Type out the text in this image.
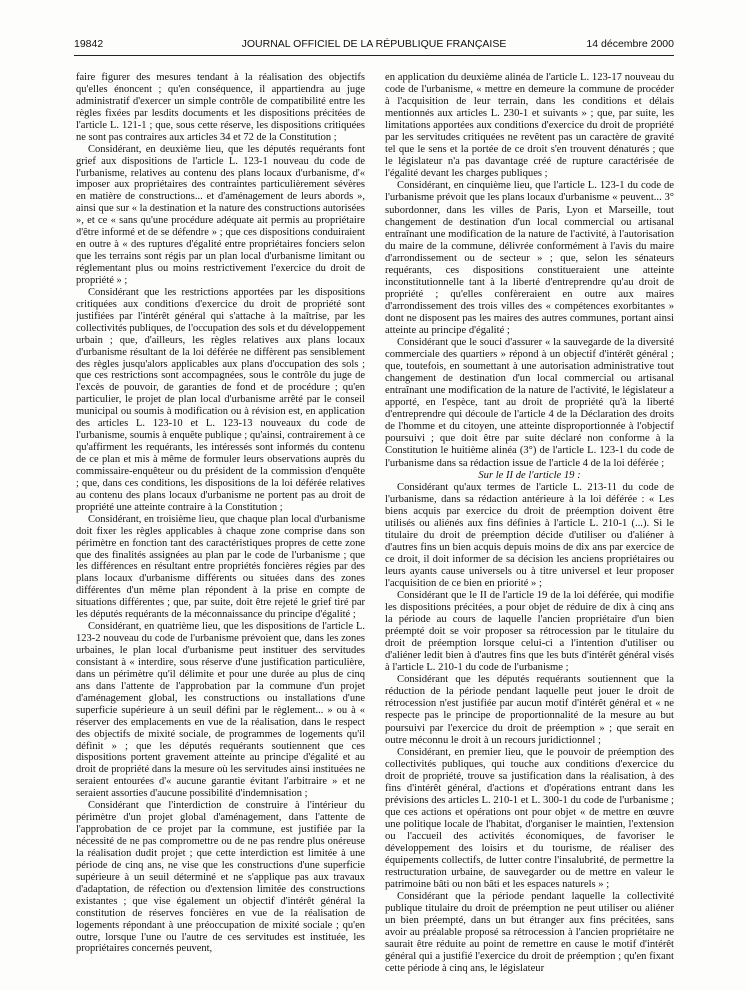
19842	JOURNAL OFFICIEL DE LA RÉPUBLIQUE FRANÇAISE	14 décembre 2000

faire figurer des mesures tendant à la réalisation des objectifs qu'elles énoncent ; qu'en conséquence, il appartiendra au juge administratif d'exercer un simple contrôle de compatibilité entre les règles fixées par lesdits documents et les dispositions précitées de l'article L. 121-1 ; que, sous cette réserve, les dispositions critiquées ne sont pas contraires aux articles 34 et 72 de la Constitution ;

Considérant, en deuxième lieu, que les députés requérants font grief aux dispositions de l'article L. 123-1 nouveau du code de l'urbanisme, relatives au contenu des plans locaux d'urbanisme, d'« imposer aux propriétaires des contraintes particulièrement sévères en matière de constructions... et d'aménagement de leurs abords », ainsi que sur « la destination et la nature des constructions autorisées », et ce « sans qu'une procédure adéquate ait permis au propriétaire d'être informé et de se défendre » ; que ces dispositions conduiraient en outre à « des ruptures d'égalité entre propriétaires fonciers selon que les terrains sont régis par un plan local d'urbanisme limitant ou réglementant plus ou moins restrictivement l'exercice du droit de propriété » ;

Considérant que les restrictions apportées par les dispositions critiquées aux conditions d'exercice du droit de propriété sont justifiées par l'intérêt général qui s'attache à la maîtrise, par les collectivités publiques, de l'occupation des sols et du développement urbain ; que, d'ailleurs, les règles relatives aux plans locaux d'urbanisme résultant de la loi déférée ne diffèrent pas sensiblement des règles jusqu'alors applicables aux plans d'occupation des sols ; que ces restrictions sont accompagnées, sous le contrôle du juge de l'excès de pouvoir, de garanties de fond et de procédure ; qu'en particulier, le projet de plan local d'urbanisme arrêté par le conseil municipal ou soumis à modification ou à révision est, en application des articles L. 123-10 et L. 123-13 nouveaux du code de l'urbanisme, soumis à enquête publique ; qu'ainsi, contrairement à ce qu'affirment les requérants, les intéressés sont informés du contenu de ce plan et mis à même de formuler leurs observations auprès du commissaire-enquêteur ou du président de la commission d'enquête ; que, dans ces conditions, les dispositions de la loi déférée relatives au contenu des plans locaux d'urbanisme ne portent pas au droit de propriété une atteinte contraire à la Constitution ;

Considérant, en troisième lieu, que chaque plan local d'urbanisme doit fixer les règles applicables à chaque zone comprise dans son périmètre en fonction tant des caractéristiques propres de cette zone que des finalités assignées au plan par le code de l'urbanisme ; que les différences en résultant entre propriétés foncières régies par des plans locaux d'urbanisme différents ou situées dans des zones différentes d'un même plan répondent à la prise en compte de situations différentes ; que, par suite, doit être rejeté le grief tiré par les députés requérants de la méconnaissance du principe d'égalité ;

Considérant, en quatrième lieu, que les dispositions de l'article L. 123-2 nouveau du code de l'urbanisme prévoient que, dans les zones urbaines, le plan local d'urbanisme peut instituer des servitudes consistant à « interdire, sous réserve d'une justification particulière, dans un périmètre qu'il délimite et pour une durée au plus de cinq ans dans l'attente de l'approbation par la commune d'un projet d'aménagement global, les constructions ou installations d'une superficie supérieure à un seuil défini par le règlement... » ou à « réserver des emplacements en vue de la réalisation, dans le respect des objectifs de mixité sociale, de programmes de logements qu'il définit » ; que les députés requérants soutiennent que ces dispositions portent gravement atteinte au principe d'égalité et au droit de propriété dans la mesure où les servitudes ainsi instituées ne seraient entourées d'« aucune garantie évitant l'arbitraire » et ne seraient assorties d'aucune possibilité d'indemnisation ;

Considérant que l'interdiction de construire à l'intérieur du périmètre d'un projet global d'aménagement, dans l'attente de l'approbation de ce projet par la commune, est justifiée par la nécessité de ne pas compromettre ou de ne pas rendre plus onéreuse la réalisation dudit projet ; que cette interdiction est limitée à une période de cinq ans, ne vise que les constructions d'une superficie supérieure à un seuil déterminé et ne s'applique pas aux travaux d'adaptation, de réfection ou d'extension limitée des constructions existantes ; que vise également un objectif d'intérêt général la constitution de réserves foncières en vue de la réalisation de logements répondant à une préoccupation de mixité sociale ; qu'en outre, lorsque l'une ou l'autre de ces servitudes est instituée, les propriétaires concernés peuvent,

en application du deuxième alinéa de l'article L. 123-17 nouveau du code de l'urbanisme, « mettre en demeure la commune de procéder à l'acquisition de leur terrain, dans les conditions et délais mentionnés aux articles L. 230-1 et suivants » ; que, par suite, les limitations apportées aux conditions d'exercice du droit de propriété par les servitudes critiquées ne revêtent pas un caractère de gravité tel que le sens et la portée de ce droit s'en trouvent dénaturés ; que le législateur n'a pas davantage créé de rupture caractérisée de l'égalité devant les charges publiques ;

Considérant, en cinquième lieu, que l'article L. 123-1 du code de l'urbanisme prévoit que les plans locaux d'urbanisme « peuvent... 3° subordonner, dans les villes de Paris, Lyon et Marseille, tout changement de destination d'un local commercial ou artisanal entraînant une modification de la nature de l'activité, à l'autorisation du maire de la commune, délivrée conformément à l'avis du maire d'arrondissement ou de secteur » ; que, selon les sénateurs requérants, ces dispositions constitueraient une atteinte inconstitutionnelle tant à la liberté d'entreprendre qu'au droit de propriété ; qu'elles confèreraient en outre aux maires d'arrondissement des trois villes des « compétences exorbitantes » dont ne disposent pas les maires des autres communes, portant ainsi atteinte au principe d'égalité ;

Considérant que le souci d'assurer « la sauvegarde de la diversité commerciale des quartiers » répond à un objectif d'intérêt général ; que, toutefois, en soumettant à une autorisation administrative tout changement de destination d'un local commercial ou artisanal entraînant une modification de la nature de l'activité, le législateur a apporté, en l'espèce, tant au droit de propriété qu'à la liberté d'entreprendre qui découle de l'article 4 de la Déclaration des droits de l'homme et du citoyen, une atteinte disproportionnée à l'objectif poursuivi ; que doit être par suite déclaré non conforme à la Constitution le huitième alinéa (3°) de l'article L. 123-1 du code de l'urbanisme dans sa rédaction issue de l'article 4 de la loi déférée ;

Sur le II de l'article 19 :

Considérant qu'aux termes de l'article L. 213-11 du code de l'urbanisme, dans sa rédaction antérieure à la loi déférée : « Les biens acquis par exercice du droit de préemption doivent être utilisés ou aliénés aux fins définies à l'article L. 210-1 (...). Si le titulaire du droit de préemption décide d'utiliser ou d'aliéner à d'autres fins un bien acquis depuis moins de dix ans par exercice de ce droit, il doit informer de sa décision les anciens propriétaires ou leurs ayants cause universels ou à titre universel et leur proposer l'acquisition de ce bien en priorité » ;

Considérant que le II de l'article 19 de la loi déférée, qui modifie les dispositions précitées, a pour objet de réduire de dix à cinq ans la période au cours de laquelle l'ancien propriétaire d'un bien préempté doit se voir proposer sa rétrocession par le titulaire du droit de préemption lorsque celui-ci a l'intention d'utiliser ou d'aliéner ledit bien à d'autres fins que les buts d'intérêt général visés à l'article L. 210-1 du code de l'urbanisme ;

Considérant que les députés requérants soutiennent que la réduction de la période pendant laquelle peut jouer le droit de rétrocession n'est justifiée par aucun motif d'intérêt général et « ne respecte pas le principe de proportionnalité de la mesure au but poursuivi par l'exercice du droit de préemption » ; que serait en outre méconnu le droit à un recours juridictionnel ;

Considérant, en premier lieu, que le pouvoir de préemption des collectivités publiques, qui touche aux conditions d'exercice du droit de propriété, trouve sa justification dans la réalisation, à des fins d'intérêt général, d'actions et d'opérations entrant dans les prévisions des articles L. 210-1 et L. 300-1 du code de l'urbanisme ; que ces actions et opérations ont pour objet « de mettre en œuvre une politique locale de l'habitat, d'organiser le maintien, l'extension ou l'accueil des activités économiques, de favoriser le développement des loisirs et du tourisme, de réaliser des équipements collectifs, de lutter contre l'insalubrité, de permettre la restructuration urbaine, de sauvegarder ou de mettre en valeur le patrimoine bâti ou non bâti et les espaces naturels » ;

Considérant que la période pendant laquelle la collectivité publique titulaire du droit de préemption ne peut utiliser ou aliéner un bien préempté, dans un but étranger aux fins précitées, sans avoir au préalable proposé sa rétrocession à l'ancien propriétaire ne saurait être réduite au point de remettre en cause le motif d'intérêt général qui a justifié l'exercice du droit de préemption ; qu'en fixant cette période à cinq ans, le législateur
